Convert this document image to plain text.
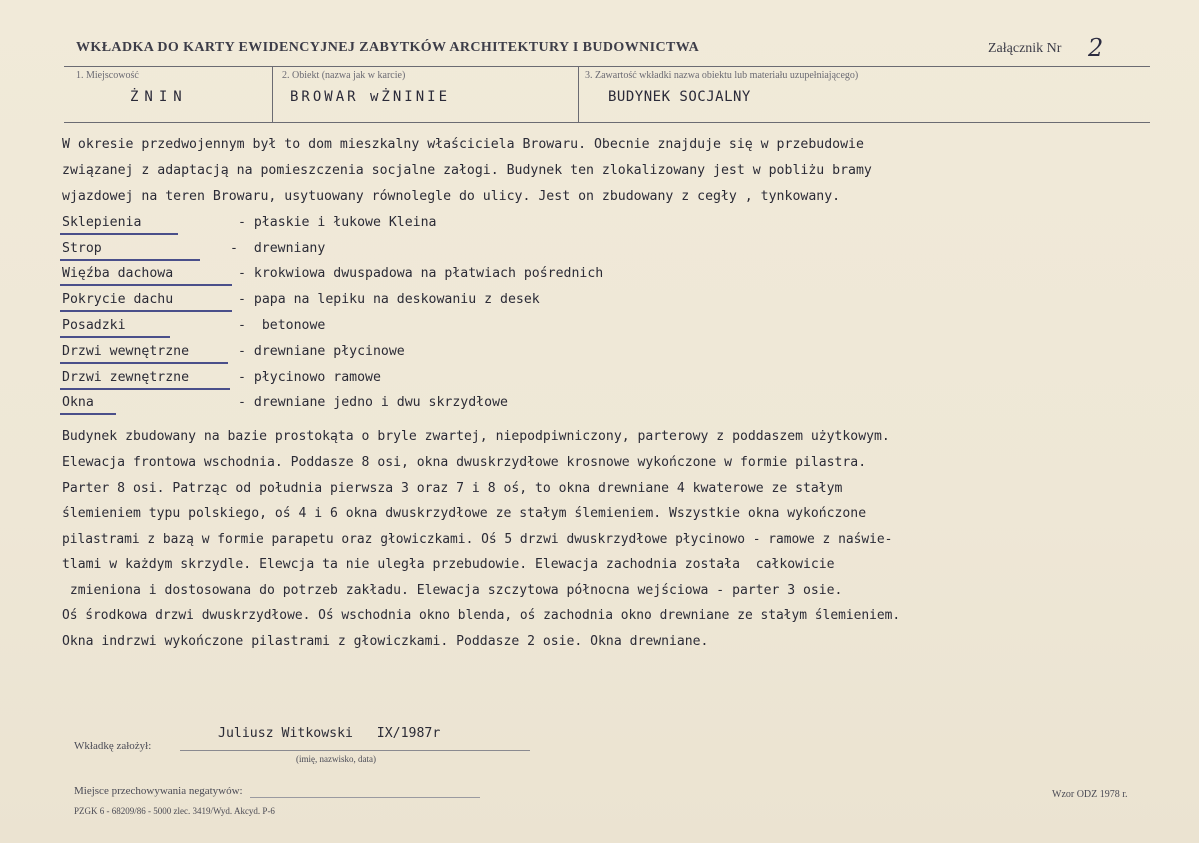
WKŁADKA DO KARTY EWIDENCYJNEJ ZABYTKÓW ARCHITEKTURY I BUDOWNICTWA	Załącznik Nr 2
1. Miejscowość
ŻNIN
2. Obiekt (nazwa jak w karcie)
BROWAR wŻNINIE
3. Zawartość wkładki nazwa obiektu lub materiału uzupełniającego)
BUDYNEK SOCJALNY
W okresie przedwojennym był to dom mieszkalny właściciela Browaru. Obecnie znajduje się w przebudowie
związanej z adaptacją na pomieszczenia socjalne załogi. Budynek ten zlokalizowany jest w pobliżu bramy
wjazdowej na teren Browaru, usytuowany równolegle do ulicy. Jest on zbudowany z cegły , tynkowany.
Sklepienia	- płaskie i łukowe Kleina
Strop	-  drewniany
Więźba dachowa	- krokwiowa dwuspadowa na płatwiach pośrednich
Pokrycie dachu	- papa na lepiku na deskowaniu z desek
Posadzki	-  betonowe
Drzwi wewnętrzne	- drewniane płycinowe
Drzwi zewnętrzne	- płycinowo ramowe
Okna	- drewniane jedno i dwu skrzydłowe
Budynek zbudowany na bazie prostokąta o bryle zwartej, niepodpiwniczony, parterowy z poddaszem użytkowym.
Elewacja frontowa wschodnia. Poddasze 8 osi, okna dwuskrzydłowe krosnowe wykończone w formie pilastra.
Parter 8 osi. Patrząc od południa pierwsza 3 oraz 7 i 8 oś, to okna drewniane 4 kwaterowe ze stałym
ślemieniem typu polskiego, oś 4 i 6 okna dwuskrzydłowe ze stałym ślemieniem. Wszystkie okna wykończone
pilastrami z bazą w formie parapetu oraz głowiczkami. Oś 5 drzwi dwuskrzydłowe płycinowo - ramowe z naświe-
tlami w każdym skrzydle. Elewcja ta nie uległa przebudowie. Elewacja zachodnia została  całkowicie
zmieniona i dostosowana do potrzeb zakładu. Elewacja szczytowa północna wejściowa - parter 3 osie.
Oś środkowa drzwi dwuskrzydłowe. Oś wschodnia okno blenda, oś zachodnia okno drewniane ze stałym ślemieniem.
Okna indrzwi wykończone pilastrami z głowiczkami. Poddasze 2 osie. Okna drewniane.
Wkładkę założył:
Juliusz Witkowski   IX/1987r
(imię, nazwisko, data)
Miejsce przechowywania negatywów:
PZGK 6 - 68209/86 - 5000 zlec. 3419/Wyd. Akcyd. P-6
Wzor ODZ 1978 r.
